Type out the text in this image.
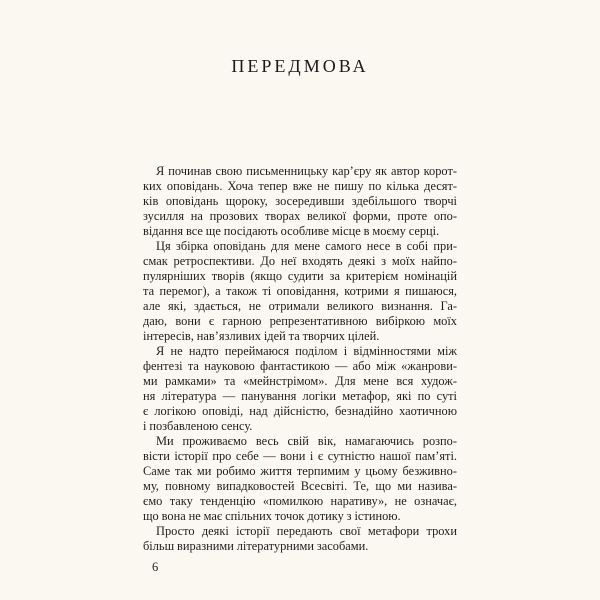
ПЕРЕДМОВА
Я починав свою письменницьку кар’єру як автор корот-
ких оповідань. Хоча тепер вже не пишу по кілька десят-
ків оповідань щороку, зосередивши здебільшого творчі
зусилля на прозових творах великої форми, проте опо-
відання все ще посідають особливе місце в моєму серці.
Ця збірка оповідань для мене самого несе в собі при-
смак ретроспективи. До неї входять деякі з моїх найпо-
пулярніших творів (якщо судити за критерієм номінацій
та перемог), а також ті оповідання, котрими я пишаюся,
але які, здається, не отримали великого визнання. Га-
даю, вони є гарною репрезентативною вибіркою моїх
інтересів, нав’язливих ідей та творчих цілей.
Я не надто переймаюся поділом і відмінностями між
фентезі та науковою фантастикою — або між «жанрови-
ми рамками» та «мейнстрімом». Для мене вся худож-
ня література — панування логіки метафор, які по суті
є логікою оповіді, над дійсністю, безнадійно хаотичною
і позбавленою сенсу.
Ми проживаємо весь свій вік, намагаючись розпо-
вісти історії про себе — вони і є сутністю нашої пам’яті.
Саме так ми робимо життя терпимим у цьому безживно-
му, повному випадковостей Всесвіті. Те, що ми назива-
ємо таку тенденцію «помилкою наративу», не означає,
що вона не має спільних точок дотику з істиною.
Просто деякі історії передають свої метафори трохи
більш виразними літературними засобами.
6
